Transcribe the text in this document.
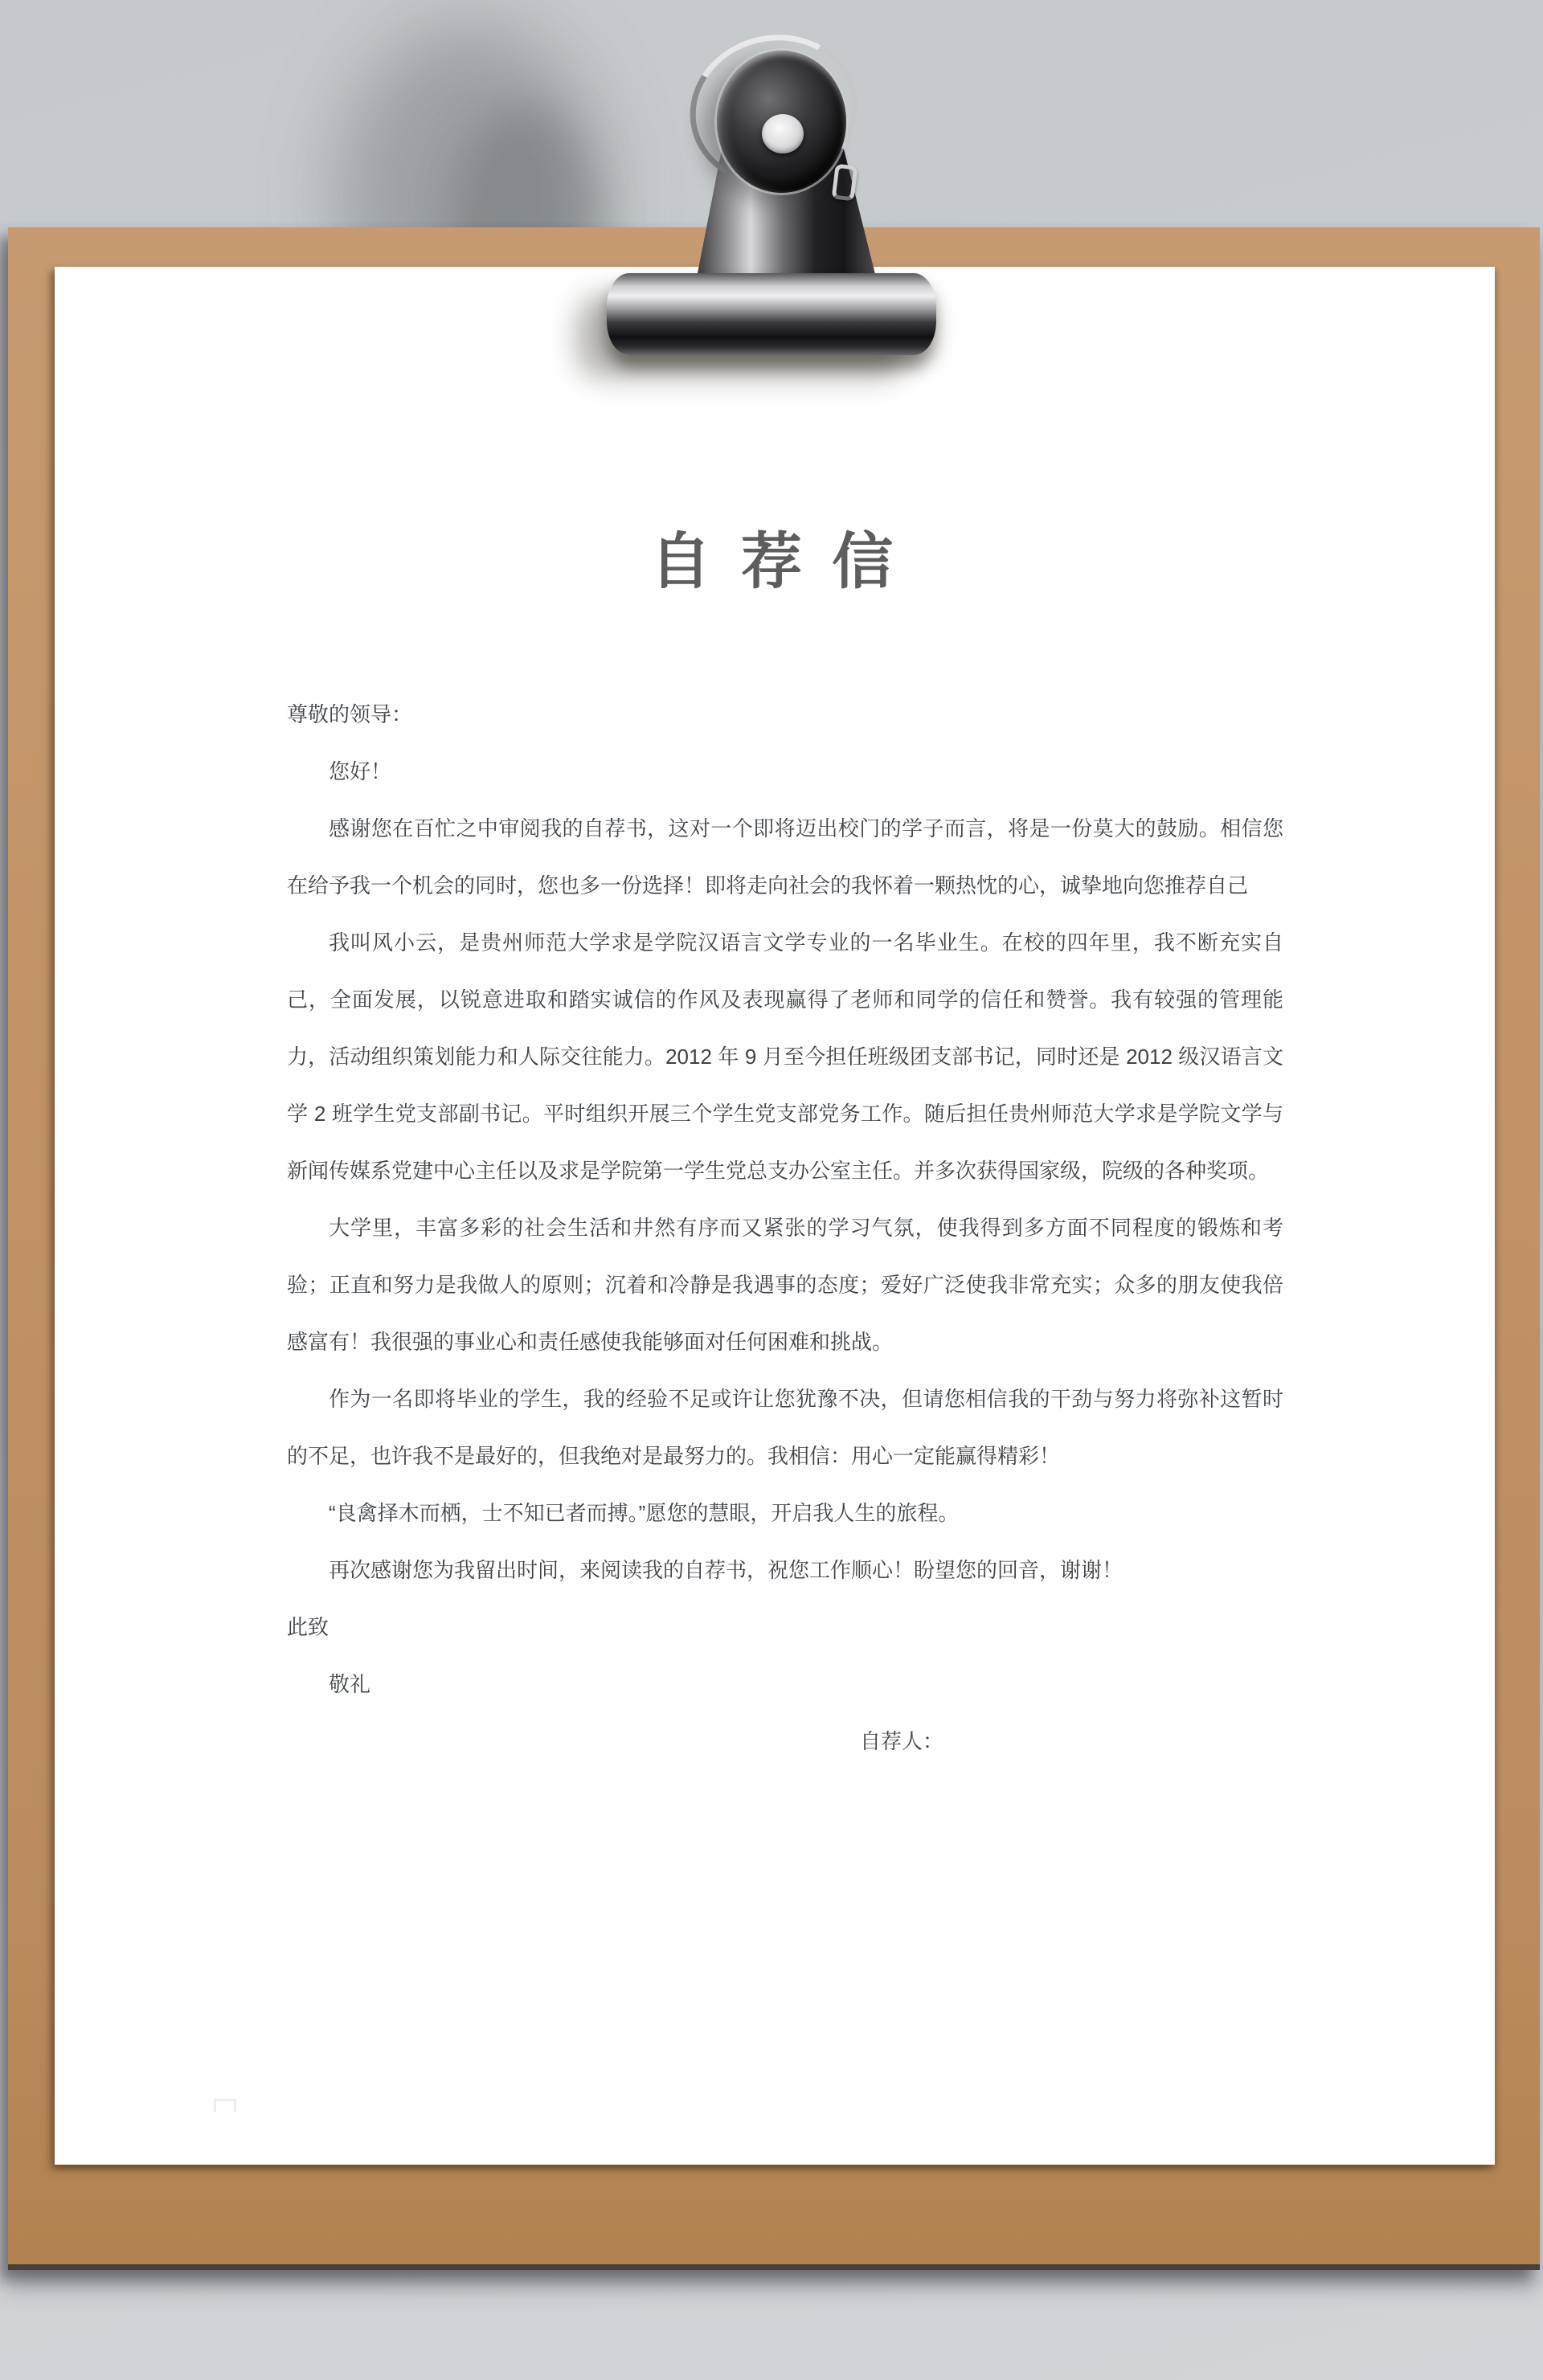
自 荐 信

尊敬的领导：

您好！

感谢您在百忙之中审阅我的自荐书，这对一个即将迈出校门的学子而言，将是一份莫大的鼓励。相信您在给予我一个机会的同时，您也多一份选择！即将走向社会的我怀着一颗热忱的心，诚挚地向您推荐自己

我叫风小云，是贵州师范大学求是学院汉语言文学专业的一名毕业生。在校的四年里，我不断充实自己，全面发展，以锐意进取和踏实诚信的作风及表现赢得了老师和同学的信任和赞誉。我有较强的管理能力，活动组织策划能力和人际交往能力。2012 年 9 月至今担任班级团支部书记，同时还是 2012 级汉语言文学 2 班学生党支部副书记。平时组织开展三个学生党支部党务工作。随后担任贵州师范大学求是学院文学与新闻传媒系党建中心主任以及求是学院第一学生党总支办公室主任。并多次获得国家级，院级的各种奖项。

大学里，丰富多彩的社会生活和井然有序而又紧张的学习气氛，使我得到多方面不同程度的锻炼和考验；正直和努力是我做人的原则；沉着和冷静是我遇事的态度；爱好广泛使我非常充实；众多的朋友使我倍感富有！我很强的事业心和责任感使我能够面对任何困难和挑战。

作为一名即将毕业的学生，我的经验不足或许让您犹豫不决，但请您相信我的干劲与努力将弥补这暂时的不足，也许我不是最好的，但我绝对是最努力的。我相信：用心一定能赢得精彩！

“良禽择木而栖，士不知已者而搏。”愿您的慧眼，开启我人生的旅程。

再次感谢您为我留出时间，来阅读我的自荐书，祝您工作顺心！盼望您的回音，谢谢！

此致

敬礼

自荐人：
